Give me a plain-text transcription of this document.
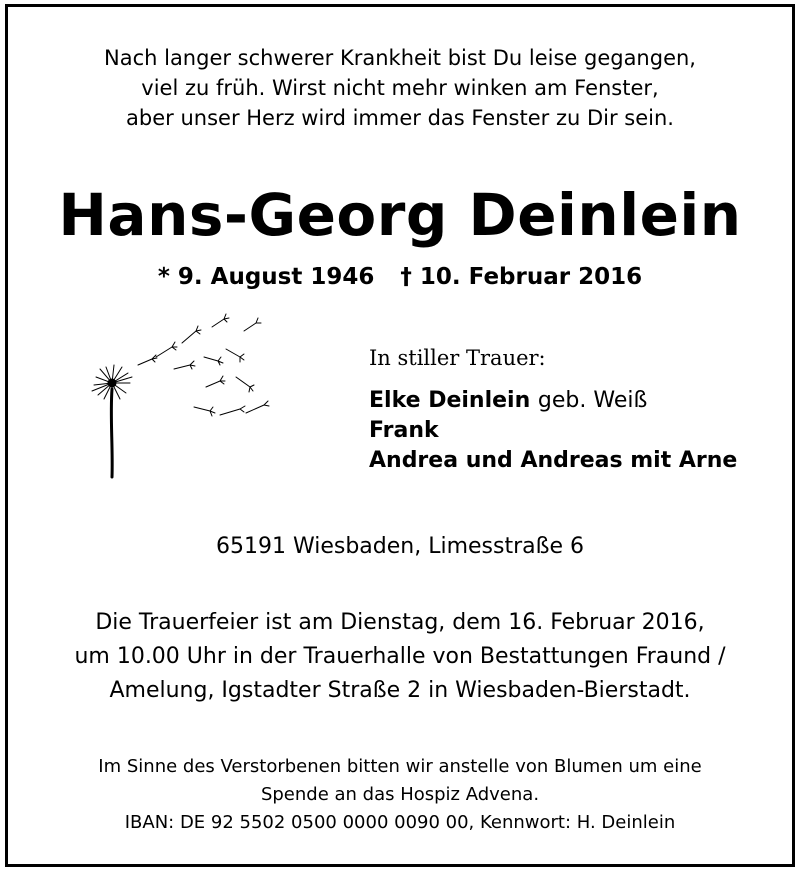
Nach langer schwerer Krankheit bist Du leise gegangen,
viel zu früh. Wirst nicht mehr winken am Fenster,
aber unser Herz wird immer das Fenster zu Dir sein.
Hans-Georg Deinlein
* 9. August 1946 † 10. Februar 2016
In stiller Trauer:
Elke Deinlein geb. Weiß
Frank
Andrea und Andreas mit Arne
65191 Wiesbaden, Limesstraße 6
Die Trauerfeier ist am Dienstag, dem 16. Februar 2016,
um 10.00 Uhr in der Trauerhalle von Bestattungen Fraund /
Amelung, Igstadter Straße 2 in Wiesbaden-Bierstadt.
Im Sinne des Verstorbenen bitten wir anstelle von Blumen um eine
Spende an das Hospiz Advena.
IBAN: DE 92 5502 0500 0000 0090 00, Kennwort: H. Deinlein
